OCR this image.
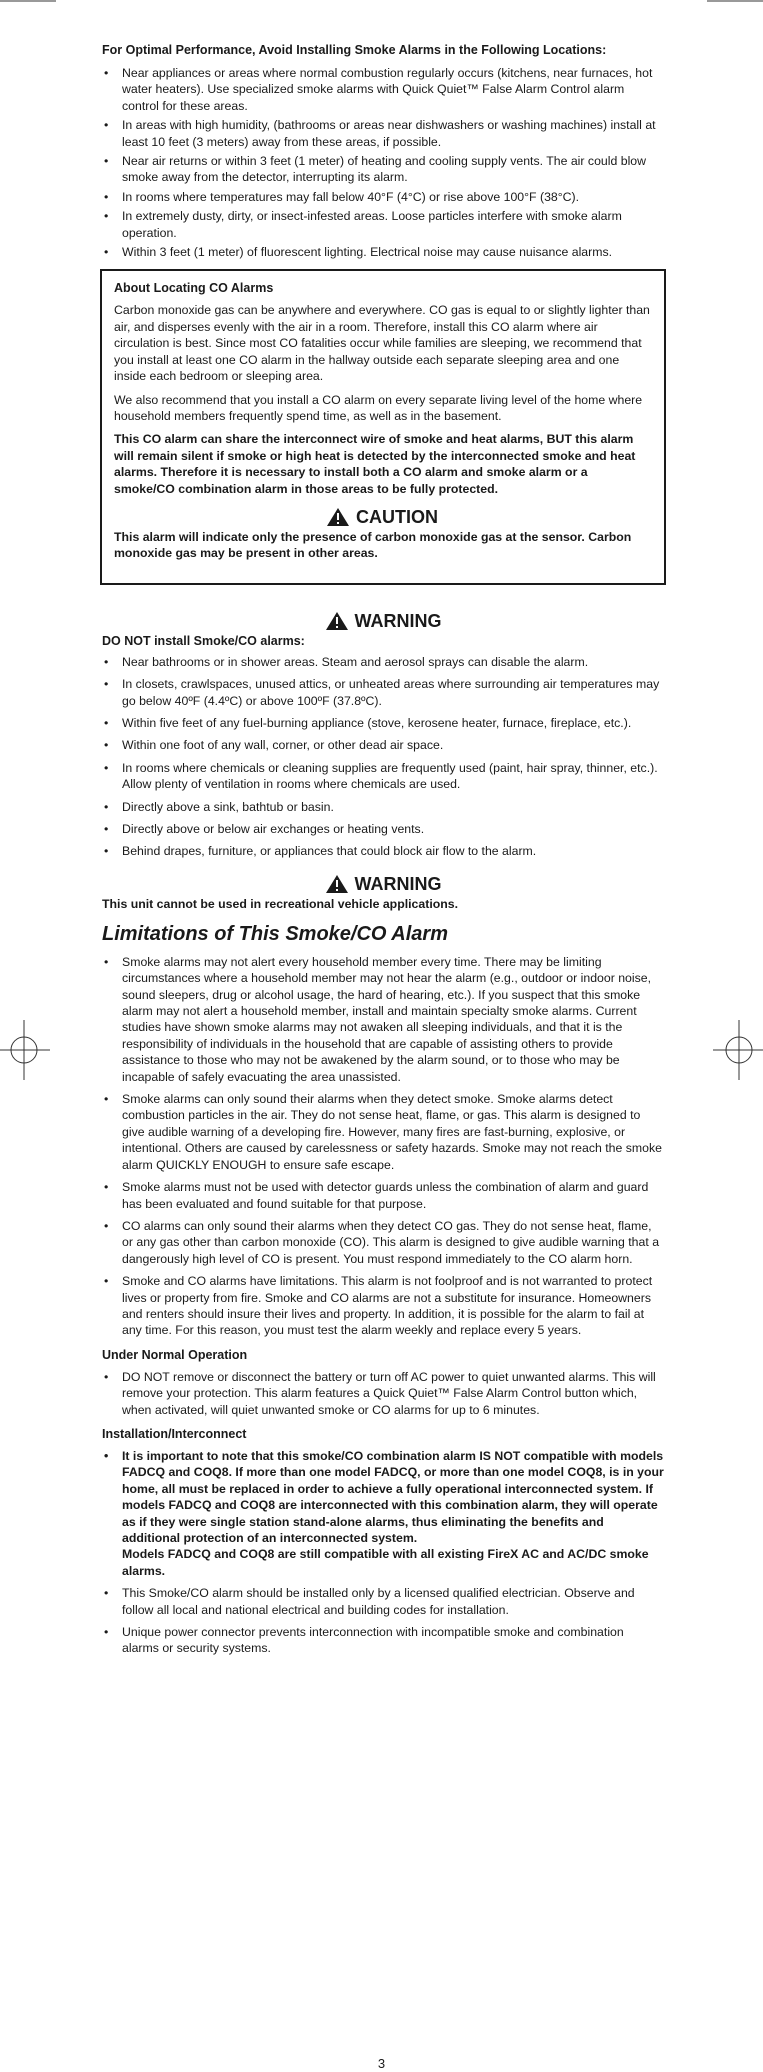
For Optimal Performance, Avoid Installing Smoke Alarms in the Following Locations:
• Near appliances or areas where normal combustion regularly occurs (kitchens, near furnaces, hot water heaters). Use specialized smoke alarms with Quick Quiet™ False Alarm Control alarm control for these areas.
• In areas with high humidity, (bathrooms or areas near dishwashers or washing machines) install at least 10 feet (3 meters) away from these areas, if possible.
• Near air returns or within 3 feet (1 meter) of heating and cooling supply vents. The air could blow smoke away from the detector, interrupting its alarm.
• In rooms where temperatures may fall below 40°F (4°C) or rise above 100°F (38°C).
• In extremely dusty, dirty, or insect-infested areas. Loose particles interfere with smoke alarm operation.
• Within 3 feet (1 meter) of fluorescent lighting. Electrical noise may cause nuisance alarms.
About Locating CO Alarms

Carbon monoxide gas can be anywhere and everywhere. CO gas is equal to or slightly lighter than air, and disperses evenly with the air in a room. Therefore, install this CO alarm where air circulation is best. Since most CO fatalities occur while families are sleeping, we recommend that you install at least one CO alarm in the hallway outside each separate sleeping area and one inside each bedroom or sleeping area.

We also recommend that you install a CO alarm on every separate living level of the home where household members frequently spend time, as well as in the basement.

This CO alarm can share the interconnect wire of smoke and heat alarms, BUT this alarm will remain silent if smoke or high heat is detected by the interconnected smoke and heat alarms. Therefore it is necessary to install both a CO alarm and smoke alarm or a smoke/CO combination alarm in those areas to be fully protected.

CAUTION

This alarm will indicate only the presence of carbon monoxide gas at the sensor. Carbon monoxide gas may be present in other areas.

WARNING
DO NOT install Smoke/CO alarms:
• Near bathrooms or in shower areas. Steam and aerosol sprays can disable the alarm.
• In closets, crawlspaces, unused attics, or unheated areas where surrounding air temperatures may go below 40ºF (4.4ºC) or above 100ºF (37.8ºC).
• Within five feet of any fuel-burning appliance (stove, kerosene heater, furnace, fireplace, etc.).
• Within one foot of any wall, corner, or other dead air space.
• In rooms where chemicals or cleaning supplies are frequently used (paint, hair spray, thinner, etc.). Allow plenty of ventilation in rooms where chemicals are used.
• Directly above a sink, bathtub or basin.
• Directly above or below air exchanges or heating vents.
• Behind drapes, furniture, or appliances that could block air flow to the alarm.
WARNING

This unit cannot be used in recreational vehicle applications.

Limitations of This Smoke/CO Alarm
• Smoke alarms may not alert every household member every time. There may be limiting circumstances where a household member may not hear the alarm (e.g., outdoor or indoor noise, sound sleepers, drug or alcohol usage, the hard of hearing, etc.). If you suspect that this smoke alarm may not alert a household member, install and maintain specialty smoke alarms. Current studies have shown smoke alarms may not awaken all sleeping individuals, and that it is the responsibility of individuals in the household that are capable of assisting others to provide assistance to those who may not be awakened by the alarm sound, or to those who may be incapable of safely evacuating the area unassisted.
• Smoke alarms can only sound their alarms when they detect smoke. Smoke alarms detect combustion particles in the air. They do not sense heat, flame, or gas. This alarm is designed to give audible warning of a developing fire. However, many fires are fast-burning, explosive, or intentional. Others are caused by carelessness or safety hazards. Smoke may not reach the smoke alarm QUICKLY ENOUGH to ensure safe escape.
• Smoke alarms must not be used with detector guards unless the combination of alarm and guard has been evaluated and found suitable for that purpose.
• CO alarms can only sound their alarms when they detect CO gas. They do not sense heat, flame, or any gas other than carbon monoxide (CO). This alarm is designed to give audible warning that a dangerously high level of CO is present. You must respond immediately to the CO alarm horn.
• Smoke and CO alarms have limitations. This alarm is not foolproof and is not warranted to protect lives or property from fire. Smoke and CO alarms are not a substitute for insurance. Homeowners and renters should insure their lives and property. In addition, it is possible for the alarm to fail at any time. For this reason, you must test the alarm weekly and replace every 5 years.
Under Normal Operation
• DO NOT remove or disconnect the battery or turn off AC power to quiet unwanted alarms. This will remove your protection. This alarm features a Quick Quiet™ False Alarm Control button which, when activated, will quiet unwanted smoke or CO alarms for up to 6 minutes.
Installation/Interconnect
• It is important to note that this smoke/CO combination alarm IS NOT compatible with models FADCQ and COQ8. If more than one model FADCQ, or more than one model COQ8, is in your home, all must be replaced in order to achieve a fully operational interconnected system. If models FADCQ and COQ8 are interconnected with this combination alarm, they will operate as if they were single station stand-alone alarms, thus eliminating the benefits and additional protection of an interconnected system.
Models FADCQ and COQ8 are still compatible with all existing FireX AC and AC/DC smoke alarms.
• This Smoke/CO alarm should be installed only by a licensed qualified electrician. Observe and follow all local and national electrical and building codes for installation.
• Unique power connector prevents interconnection with incompatible smoke and combination alarms or security systems.
3
